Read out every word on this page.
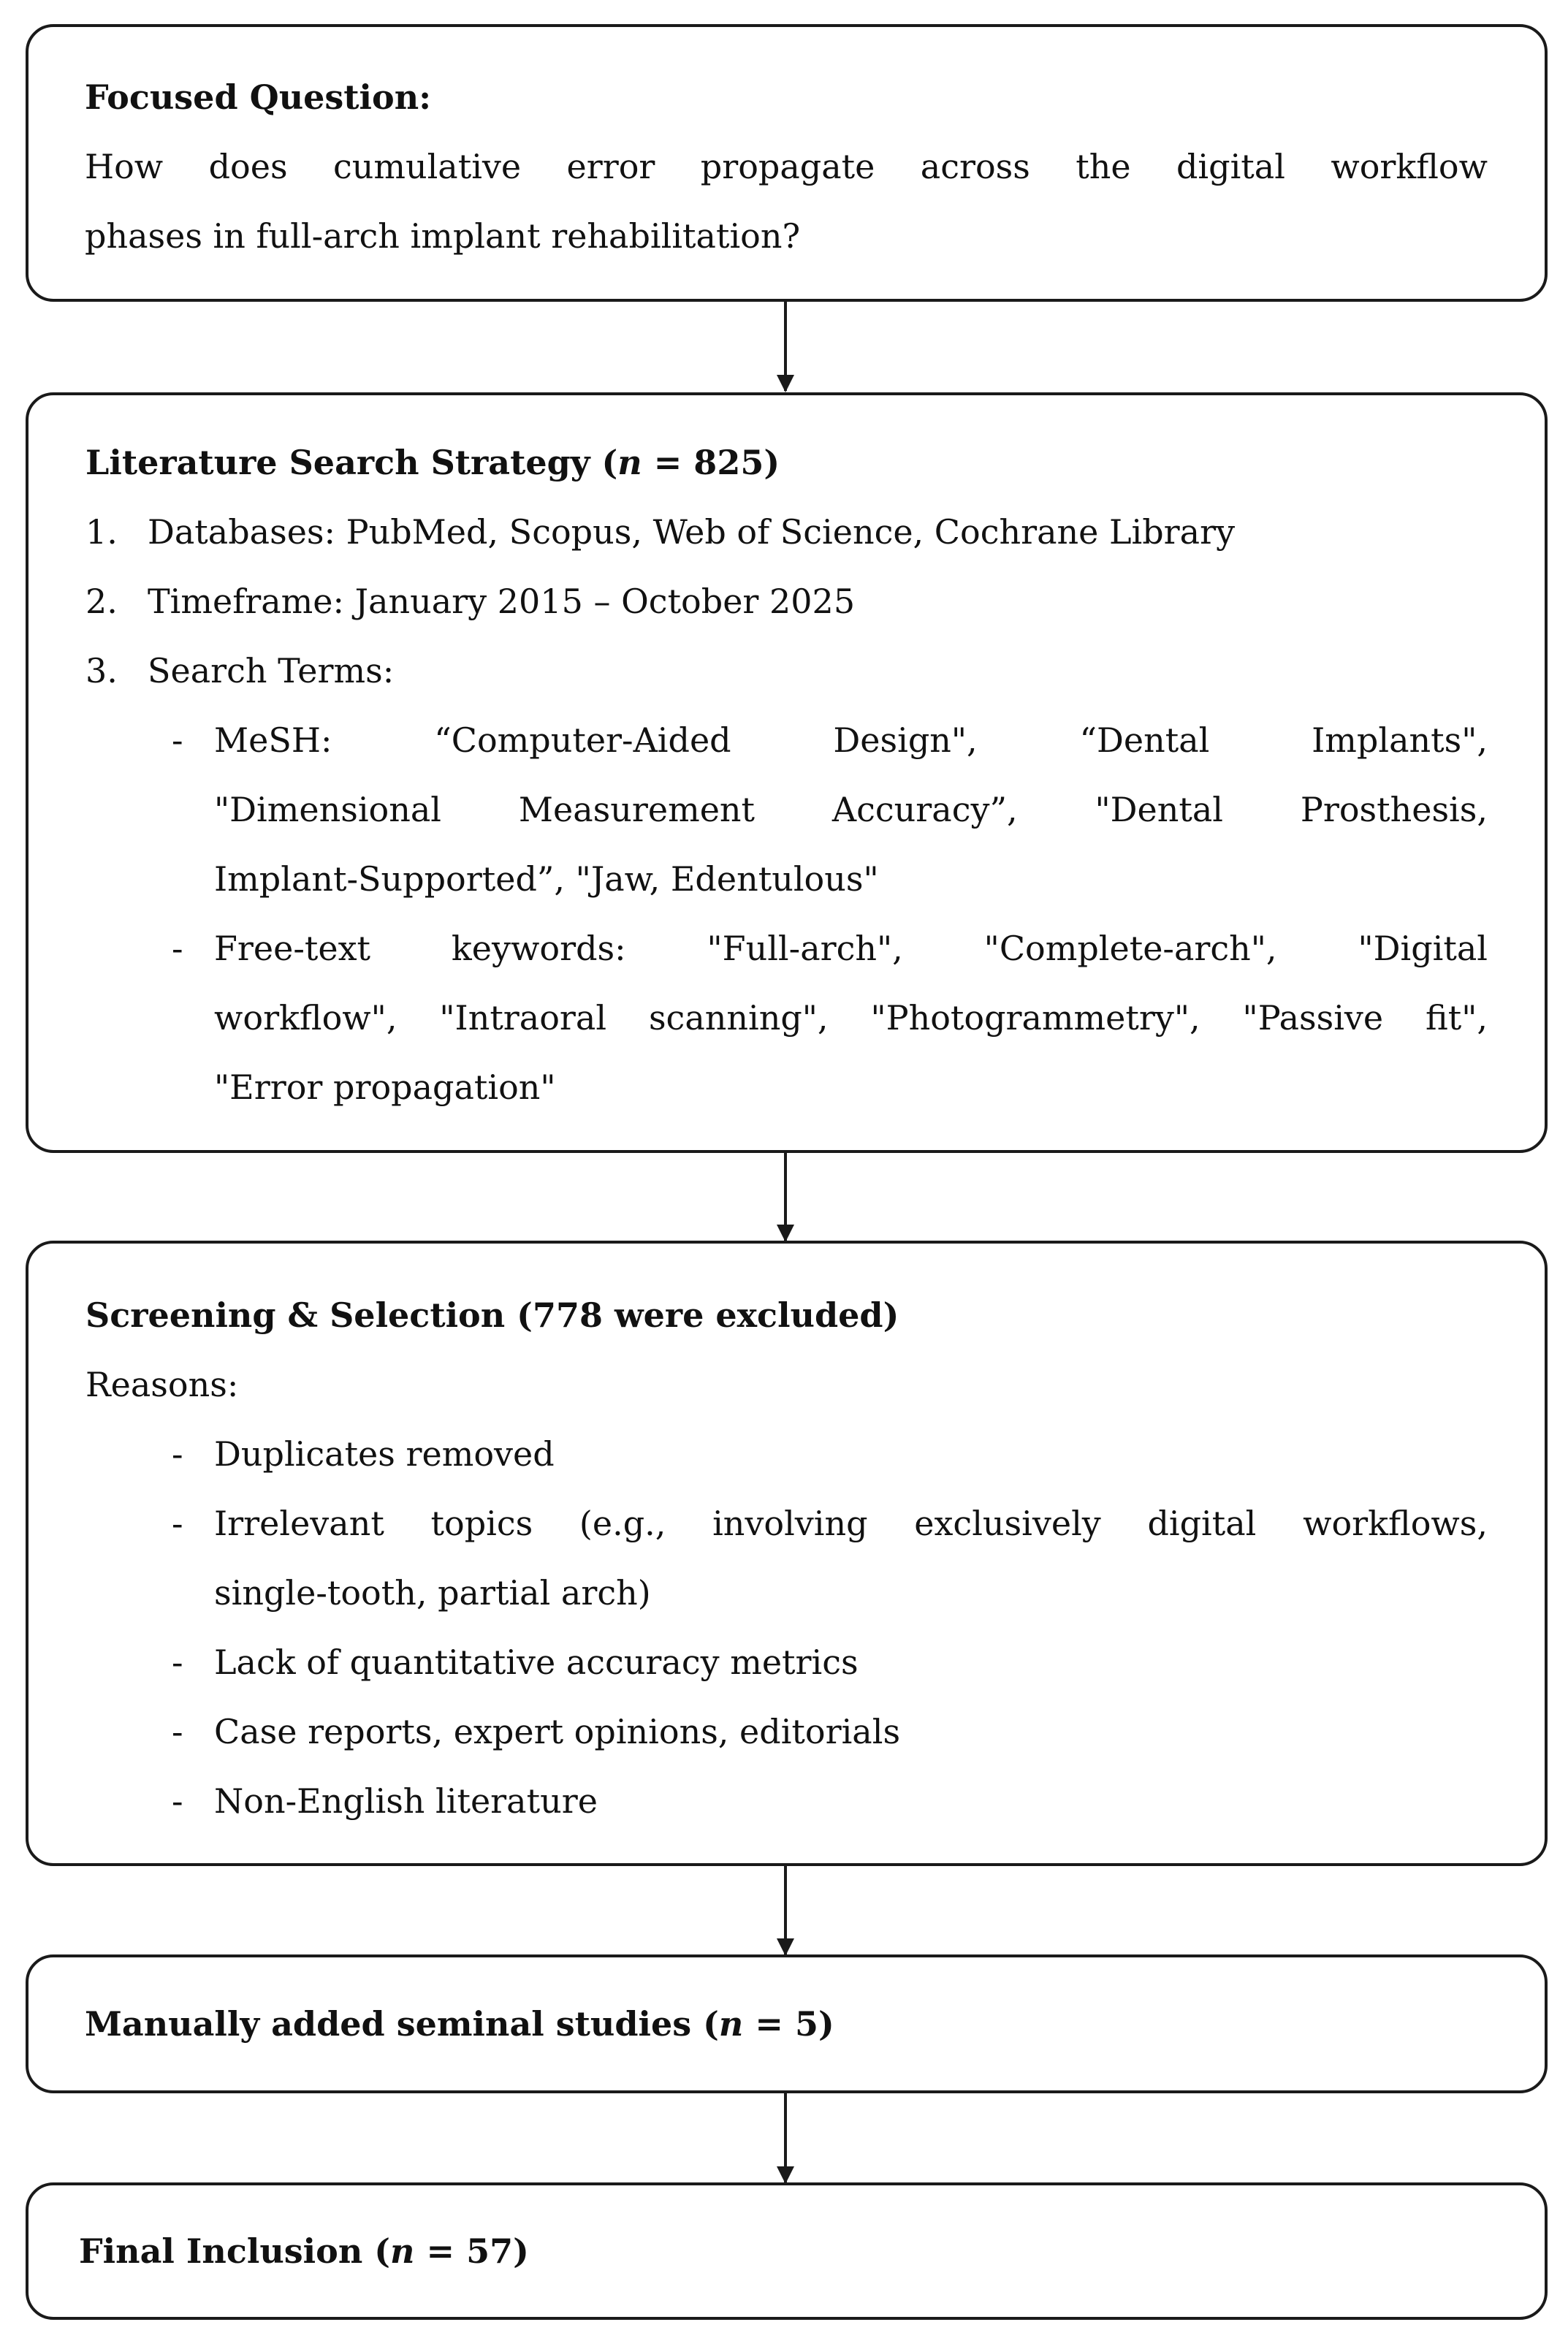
Focused Question:
How does cumulative error propagate across the digital workflow
phases in full-arch implant rehabilitation?
Literature Search Strategy (n = 825)
1. Databases: PubMed, Scopus, Web of Science, Cochrane Library
2. Timeframe: January 2015 – October 2025
3. Search Terms:
- MeSH: “Computer-Aided Design", “Dental Implants",
"Dimensional Measurement Accuracy”, "Dental Prosthesis,
Implant-Supported”, "Jaw, Edentulous"
- Free-text keywords: "Full-arch", "Complete-arch", "Digital
workflow", "Intraoral scanning", "Photogrammetry", "Passive fit",
"Error propagation"
Screening & Selection (778 were excluded)
Reasons:
- Duplicates removed
- Irrelevant topics (e.g., involving exclusively digital workflows,
single-tooth, partial arch)
- Lack of quantitative accuracy metrics
- Case reports, expert opinions, editorials
- Non-English literature
Manually added seminal studies (n = 5)
Final Inclusion (n = 57)
